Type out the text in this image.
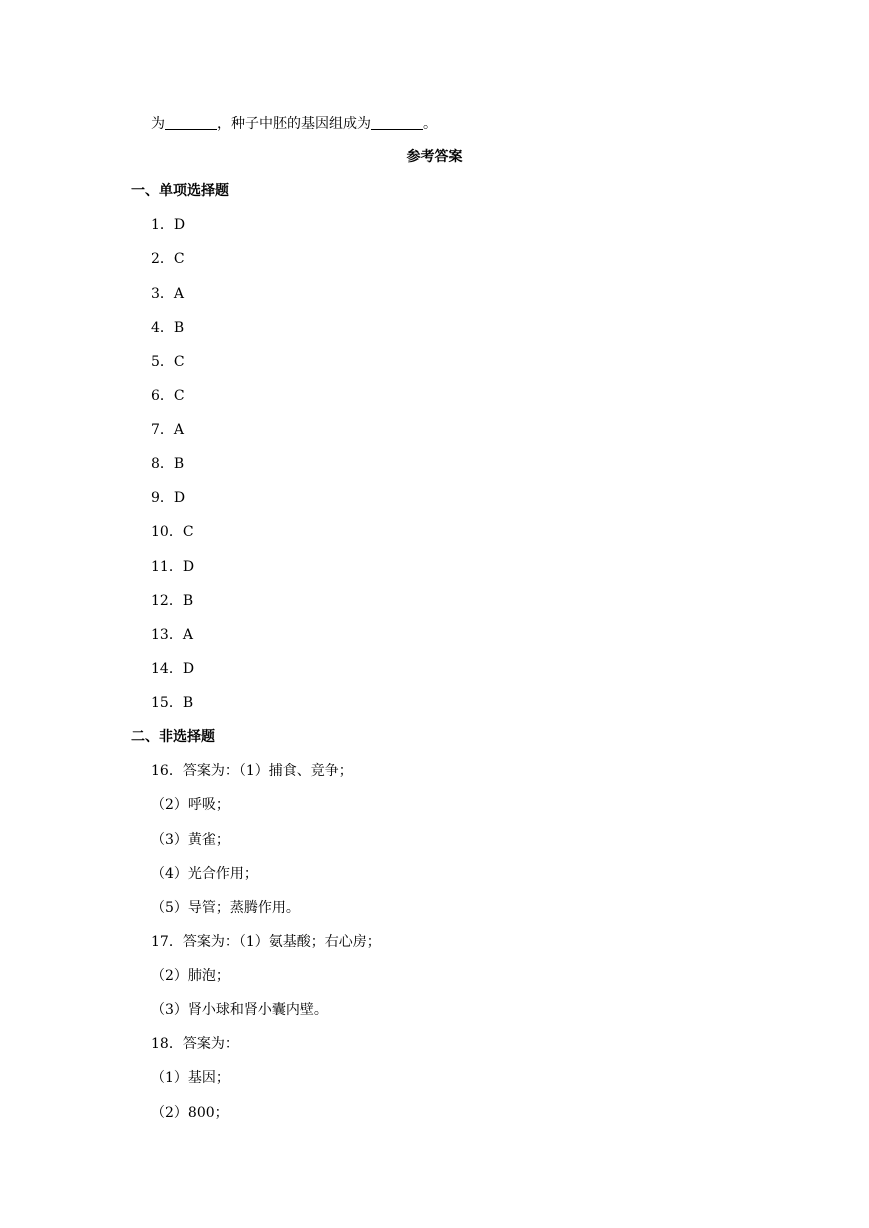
为	，种子中胚的基因组成为	。
参考答案
一、单项选择题
1．D
2．C
3．A
4．B
5．C
6．C
7．A
8．B
9．D
10．C
11．D
12．B
13．A
14．D
15．B
二、非选择题
16．答案为：（1）捕食、竞争；
（2）呼吸；
（3）黄雀；
（4）光合作用；
（5）导管；蒸腾作用。
17．答案为：（1）氨基酸；右心房；
（2）肺泡；
（3）肾小球和肾小囊内壁。
18．答案为：
（1）基因；
（2）800；
